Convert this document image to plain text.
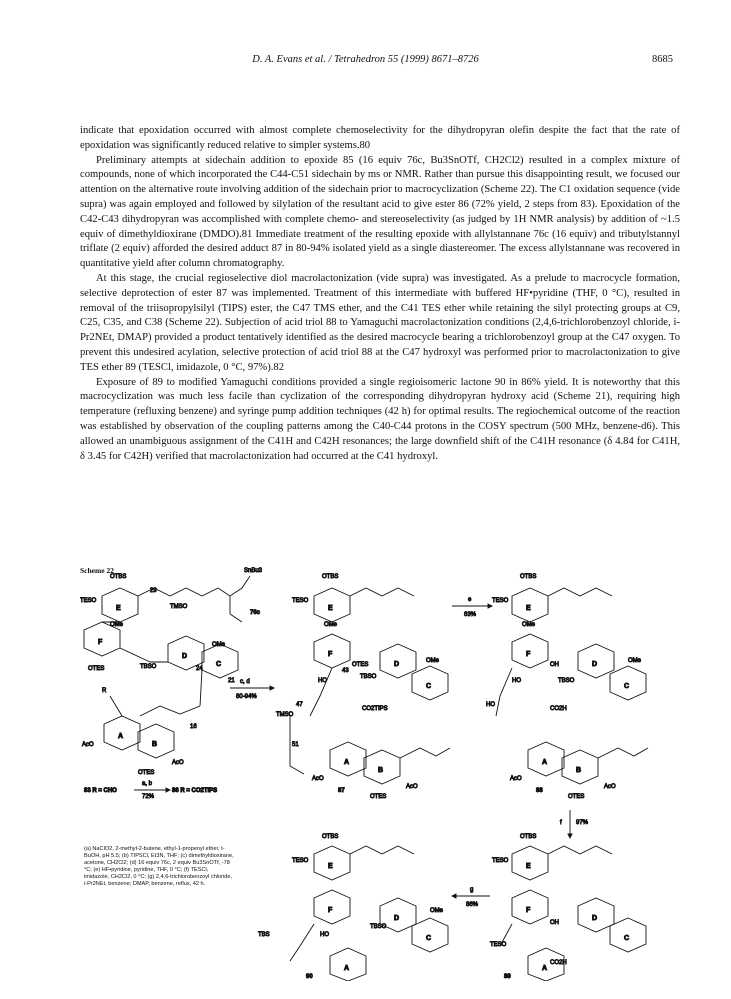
D. A. Evans et al. / Tetrahedron 55 (1999) 8671–8726	8685

indicate that epoxidation occurred with almost complete chemoselectivity for the dihydropyran olefin despite the fact that the rate of epoxidation was significantly reduced relative to simpler systems.80

Preliminary attempts at sidechain addition to epoxide 85 (16 equiv 76c, Bu3SnOTf, CH2Cl2) resulted in a complex mixture of compounds, none of which incorporated the C44-C51 sidechain by ms or NMR. Rather than pursue this disappointing result, we focused our attention on the alternative route involving addition of the sidechain prior to macrocyclization (Scheme 22). The C1 oxidation sequence (vide supra) was again employed and followed by silylation of the resultant acid to give ester 86 (72% yield, 2 steps from 83). Epoxidation of the C42-C43 dihydropyran was accomplished with complete chemo- and stereoselectivity (as judged by 1H NMR analysis) by addition of ~1.5 equiv of dimethyldioxirane (DMDO).81 Immediate treatment of the resulting epoxide with allylstannane 76c (16 equiv) and tributylstannyl triflate (2 equiv) afforded the desired adduct 87 in 80-94% isolated yield as a single diastereomer. The excess allylstannane was recovered in quantitative yield after column chromatography.

At this stage, the crucial regioselective diol macrolactonization (vide supra) was investigated. As a prelude to macrocycle formation, selective deprotection of ester 87 was implemented. Treatment of this intermediate with buffered HF•pyridine (THF, 0 °C), resulted in removal of the triisopropylsilyl (TIPS) ester, the C47 TMS ether, and the C41 TES ether while retaining the silyl protecting groups at C9, C25, C35, and C38 (Scheme 22). Subjection of acid triol 88 to Yamaguchi macrolactonization conditions (2,4,6-trichlorobenzoyl chloride, i-Pr2NEt, DMAP) provided a product tentatively identified as the desired macrocycle bearing a trichlorobenzoyl group at the C47 oxygen. To prevent this undesired acylation, selective protection of acid triol 88 at the C47 hydroxyl was performed prior to macrolactonization to give TES ether 89 (TESCl, imidazole, 0 °C, 97%).82

Exposure of 89 to modified Yamaguchi conditions provided a single regioisomeric lactone 90 in 86% yield. It is noteworthy that this macrocyclization was much less facile than cyclization of the corresponding dihydropyran hydroxy acid (Scheme 21), requiring high temperature (refluxing benzene) and syringe pump addition techniques (42 h) for optimal results. The regiochemical outcome of the reaction was established by observation of the coupling patterns among the C40-C44 protons in the COSY spectrum (500 MHz, benzene-d6). This allowed an unambiguous assignment of the C41H and C42H resonances; the large downfield shift of the C41H resonance (δ 4.84 for C41H, δ 3.45 for C42H) verified that macrolactonization had occurred at the C41 hydroxyl.

Scheme 22
E
F
D
C
A
B
OTBS
TESO
OMe
29
TMSO
SnBu3
76c
OTES	TBSO
OMe
R
AcO
AcO
OTES
16
24
21
83 R = CHO
a, b
72%
86 R = CO2TIPS
c, d
80-94%
E
F
D
C
A
B
OTBS
TESO
OMe
TMSO
OTES
TBSO
HO
CO2TIPS
OMe
AcO
AcO
OTES
51
47
43
87
e
63%
E
F
D
C
A
B
OTBS
TESO
OMe
OH
TBSO
HO
CO2H
HO
OMe
AcO
AcO
OTES
88
f 97%
E
F
D
C
A
OTBS
TESO
OH
TESO
CO2H
89
g
86%
E
F
D
C
A
OTBS
TESO
TBSO
OMe
HO
TBS
90
(a) NaClO2, 2-methyl-2-butene, ethyl-1-propenyl ether, t-BuOH, pH 5.5; (b) TIPSCl, Et3N, THF; (c) dimethyldioxirane, acetone, CH2Cl2; (d) 16 equiv 76c, 2 equiv Bu3SnOTf, -78 °C; (e) HF•pyridine, pyridine, THF, 0 °C; (f) TESCl, imidazole, CH2Cl2, 0 °C; (g) 2,4,6-trichlorobenzoyl chloride, i-Pr2NEt, benzene; DMAP, benzene, reflux, 42 h.
